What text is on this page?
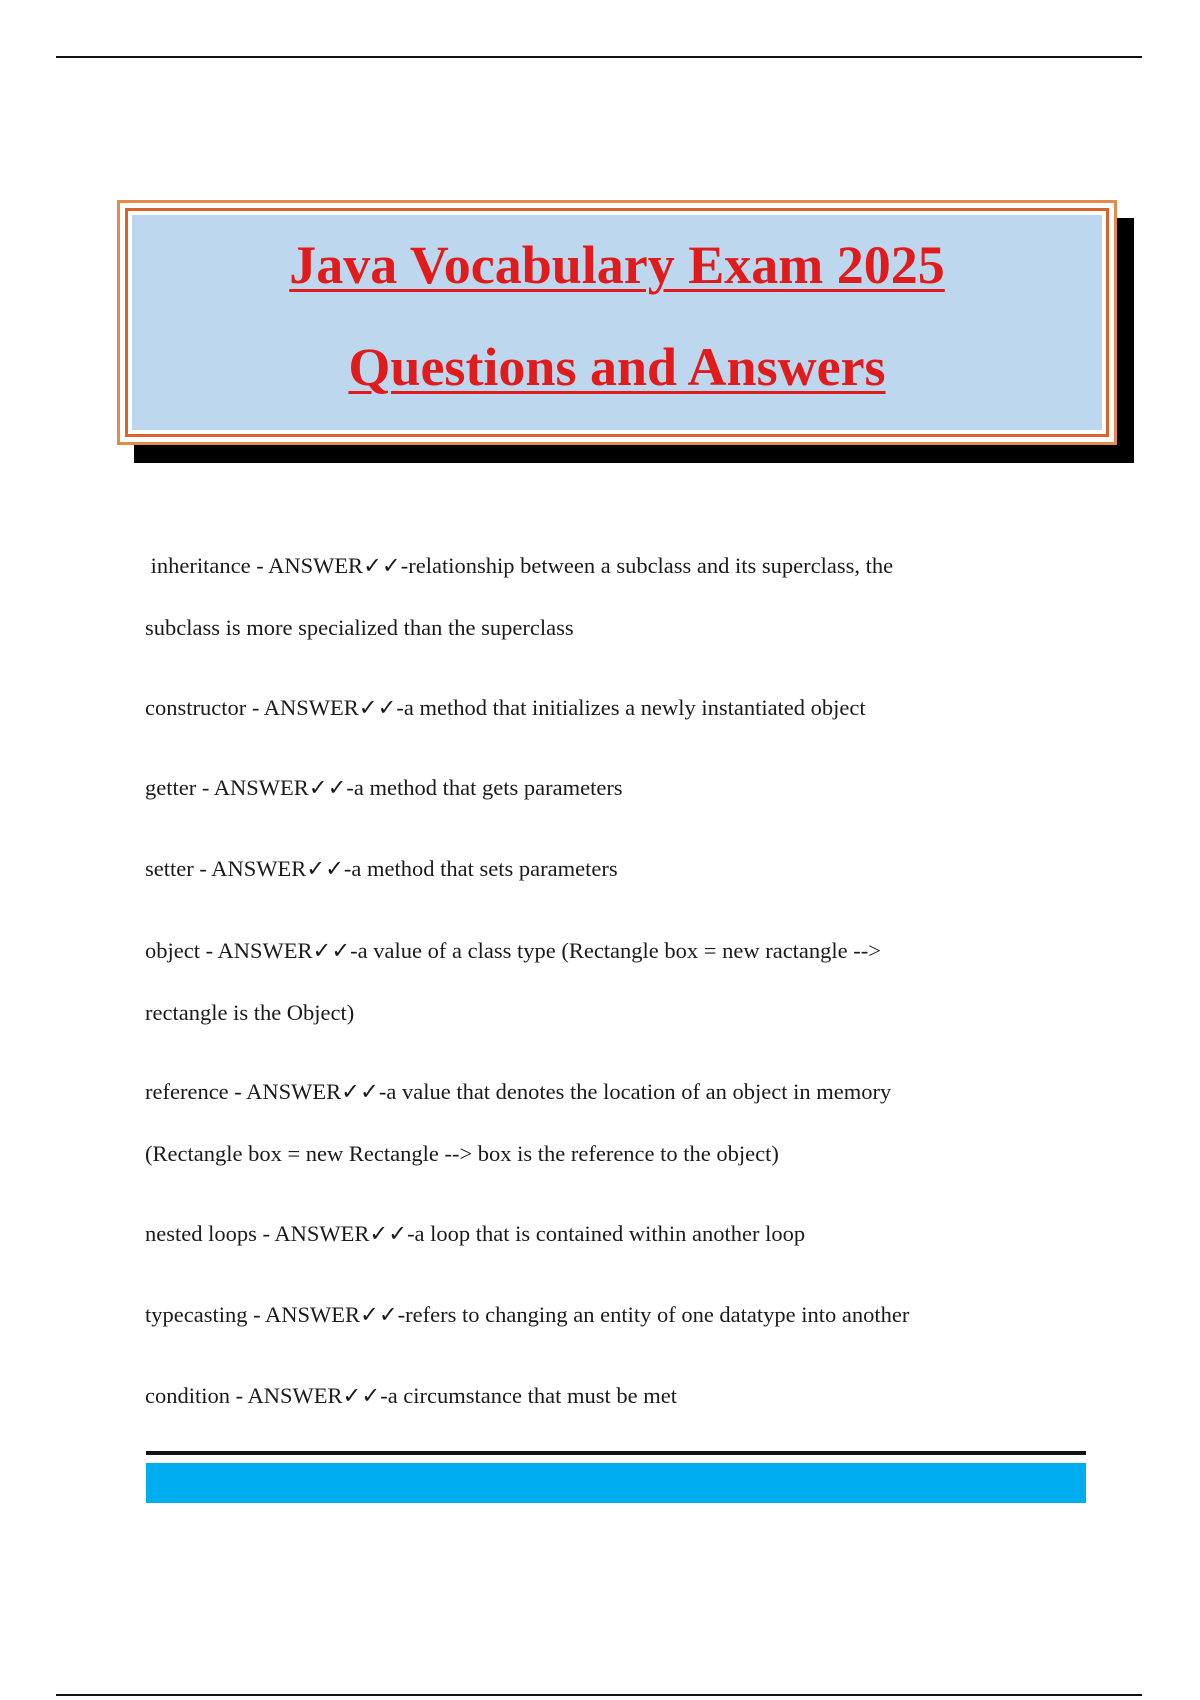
Java Vocabulary Exam 2025
Questions and Answers
inheritance - ANSWER✓✓-relationship between a subclass and its superclass, the
subclass is more specialized than the superclass
constructor - ANSWER✓✓-a method that initializes a newly instantiated object
getter - ANSWER✓✓-a method that gets parameters
setter - ANSWER✓✓-a method that sets parameters
object - ANSWER✓✓-a value of a class type (Rectangle box = new ractangle -->
rectangle is the Object)
reference - ANSWER✓✓-a value that denotes the location of an object in memory
(Rectangle box = new Rectangle --> box is the reference to the object)
nested loops - ANSWER✓✓-a loop that is contained within another loop
typecasting - ANSWER✓✓-refers to changing an entity of one datatype into another
condition - ANSWER✓✓-a circumstance that must be met
